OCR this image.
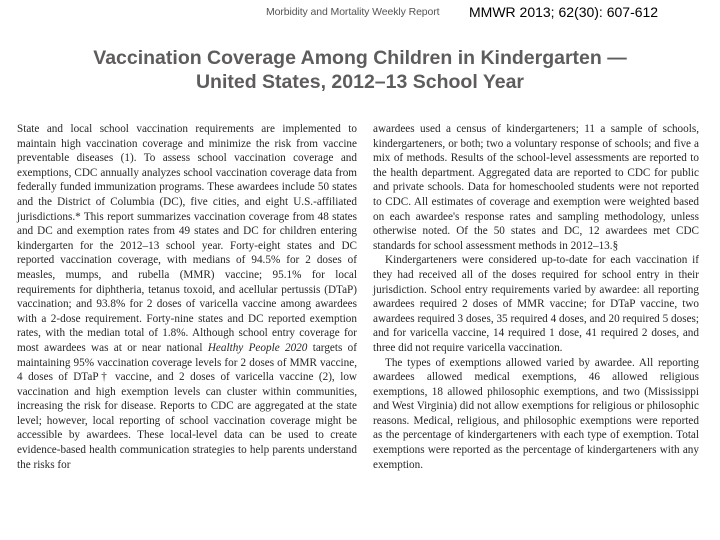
Morbidity and Mortality Weekly Report MMWR 2013; 62(30): 607-612
Vaccination Coverage Among Children in Kindergarten —
United States, 2012–13 School Year

State and local school vaccination requirements are implemented to maintain high vaccination coverage and minimize the risk from vaccine preventable diseases (1). To assess school vaccination coverage and exemptions, CDC annually analyzes school vaccination coverage data from federally funded immunization programs. These awardees include 50 states and the District of Columbia (DC), five cities, and eight U.S.-affiliated jurisdictions.* This report summarizes vaccination coverage from 48 states and DC and exemption rates from 49 states and DC for children entering kindergarten for the 2012–13 school year. Forty-eight states and DC reported vaccination coverage, with medians of 94.5% for 2 doses of measles, mumps, and rubella (MMR) vaccine; 95.1% for local requirements for diphtheria, tetanus toxoid, and acellular pertussis (DTaP) vaccination; and 93.8% for 2 doses of varicella vaccine among awardees with a 2-dose requirement. Forty-nine states and DC reported exemption rates, with the median total of 1.8%. Although school entry coverage for most awardees was at or near national Healthy People 2020 targets of maintaining 95% vaccination coverage levels for 2 doses of MMR vaccine, 4 doses of DTaP† vaccine, and 2 doses of varicella vaccine (2), low vaccination and high exemption levels can cluster within communities, increasing the risk for disease. Reports to CDC are aggregated at the state level; however, local reporting of school vaccination coverage might be accessible by awardees. These local-level data can be used to create evidence-based health communication strategies to help parents understand the risks for

awardees used a census of kindergarteners; 11 a sample of schools, kindergarteners, or both; two a voluntary response of schools; and five a mix of methods. Results of the school-level assessments are reported to the health department. Aggregated data are reported to CDC for public and private schools. Data for homeschooled students were not reported to CDC. All estimates of coverage and exemption were weighted based on each awardee's response rates and sampling methodology, unless otherwise noted. Of the 50 states and DC, 12 awardees met CDC standards for school assessment methods in 2012–13.§

Kindergarteners were considered up-to-date for each vaccination if they had received all of the doses required for school entry in their jurisdiction. School entry requirements varied by awardee: all reporting awardees required 2 doses of MMR vaccine; for DTaP vaccine, two awardees required 3 doses, 35 required 4 doses, and 20 required 5 doses; and for varicella vaccine, 14 required 1 dose, 41 required 2 doses, and three did not require varicella vaccination.

The types of exemptions allowed varied by awardee. All reporting awardees allowed medical exemptions, 46 allowed religious exemptions, 18 allowed philosophic exemptions, and two (Mississippi and West Virginia) did not allow exemptions for religious or philosophic reasons. Medical, religious, and philosophic exemptions were reported as the percentage of kindergarteners with each type of exemption. Total exemptions were reported as the percentage of kindergarteners with any exemption.
